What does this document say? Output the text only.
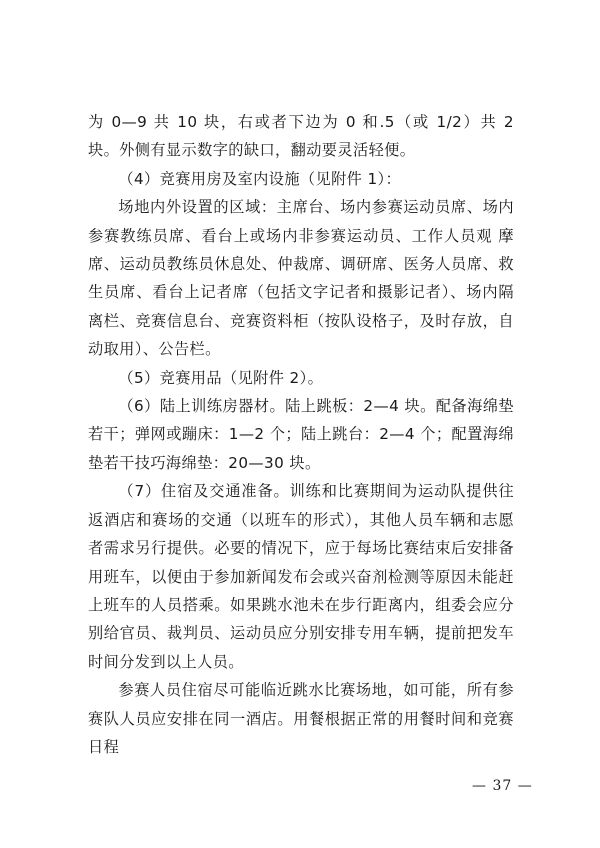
为 0—9 共 10 块，右或者下边为 0 和.5（或 1/2）共 2 块。外侧有显示数字的缺口，翻动要灵活轻便。

（4）竞赛用房及室内设施（见附件 1）：

场地内外设置的区域：主席台、场内参赛运动员席、场内参赛教练员席、看台上或场内非参赛运动员、工作人员观 摩席、运动员教练员休息处、仲裁席、调研席、医务人员席、救生员席、看台上记者席（包括文字记者和摄影记者）、场内隔离栏、竞赛信息台、竞赛资料柜（按队设格子，及时存放，自动取用）、公告栏。

（5）竞赛用品（见附件 2）。

（6）陆上训练房器材。陆上跳板：2—4 块。配备海绵垫若干；弹网或蹦床：1—2 个；陆上跳台：2—4 个；配置海绵垫若干技巧海绵垫：20—30 块。

（7）住宿及交通准备。训练和比赛期间为运动队提供往返酒店和赛场的交通（以班车的形式），其他人员车辆和志愿者需求另行提供。必要的情况下，应于每场比赛结束后安排备用班车，以便由于参加新闻发布会或兴奋剂检测等原因未能赶上班车的人员搭乘。如果跳水池未在步行距离内，组委会应分别给官员、裁判员、运动员应分别安排专用车辆，提前把发车时间分发到以上人员。

参赛人员住宿尽可能临近跳水比赛场地，如可能，所有参赛队人员应安排在同一酒店。用餐根据正常的用餐时间和竞赛日程

— 37 —
